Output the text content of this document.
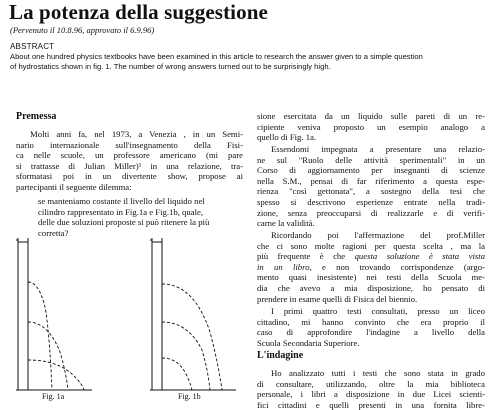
La potenza della suggestione
(Pervenuto il 10.8.96, approvato il 6.9.96)
ABSTRACT
About one hundred physics textbooks have been examined in this article to research the answer given to a simple question
of hydrostatics shown in fig. 1. The number of wrong answers turned out to be surprisingly high.
Premessa
Molti anni fa, nel 1973, a Venezia , in un Semi-
nario internazionale sull'insegnamento della Fisi-
ca nelle scuole, un professore americano (mi pare
si trattasse di Julian Miller)¹ in una relazione, tra-
sformatasi poi in un divertente show, propose ai
partecipanti il seguente dilemma:
se manteniamo costante il livello del liquido nel
cilindro rappresentato in Fig.1a e Fig.1b, quale,
delle due soluzioni proposte si può ritenere la più
corretta?
Fig. 1a	Fig. 1b
sione esercitata da un liquido sulle pareti di un re-
cipiente veniva proposto un esempio analogo a
quello di Fig. 1a.
Essendomi impegnata a presentare una relazio-
ne sul "Ruolo delle attività sperimentali" in un
Corso di aggiornamento per insegnanti di scienze
nella S.M., pensai di far riferimento a questa espe-
rienza "così gettonata", a sostegno della tesi che
spesso si descrivono esperienze entrate nella tradi-
zione, senza preoccuparsi di realizzarle e di verifi-
carne la validità.
Ricordando poi l'affermazione del prof.Miller
che ci sono molte ragioni per questa scelta , ma la
più frequente è che questa soluzione è stata vista
in un libro, e non trovando corrispondenze (argo-
mento quasi inesistente) nei testi della Scuola me-
dia che avevo a mia disposizione, ho pensato di
prendere in esame quelli di Fisica del biennio.
I primi quattro testi consultati, presso un liceo
cittadino, mi hanno convinto che era proprio il
caso di approfondire l'indagine a livello della
Scuola Secondaria Superiore.
L'indagine
Ho analizzato tutti i testi che sono stata in grado
di consultare, utilizzando, oltre la mia biblioteca
personale, i libri a disposizione in due Licei scienti-
fici cittadini e quelli presenti in una fornita libre-
